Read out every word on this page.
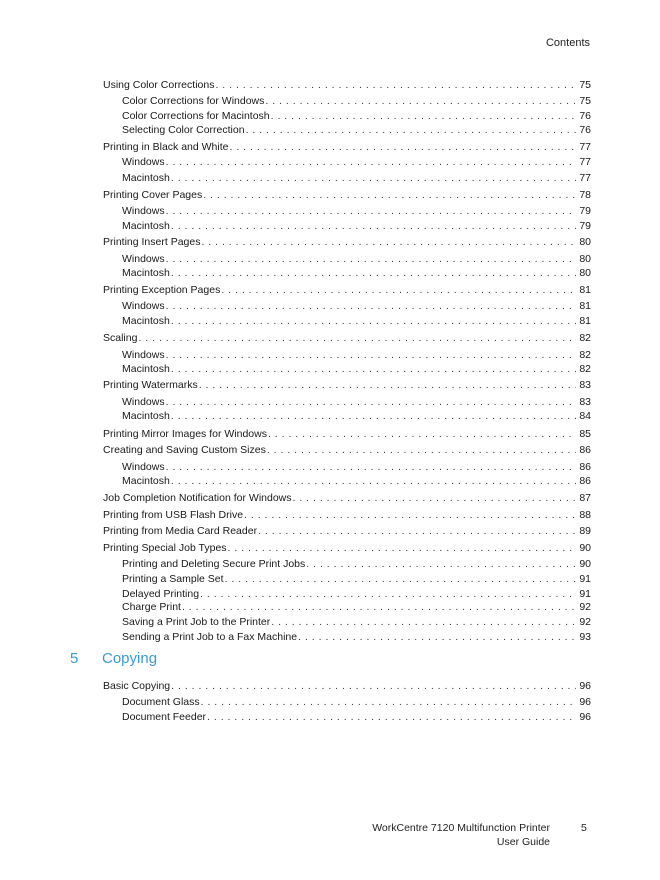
Contents
Using Color Corrections . . .	75
Color Corrections for Windows . . .	75
Color Corrections for Macintosh . . .	76
Selecting Color Correction . . .	76
Printing in Black and White . . .	77
Windows . . .	77
Macintosh . . .	77
Printing Cover Pages . . .	78
Windows . . .	79
Macintosh . . .	79
Printing Insert Pages . . .	80
Windows . . .	80
Macintosh . . .	80
Printing Exception Pages . . .	81
Windows . . .	81
Macintosh . . .	81
Scaling . . .	82
Windows . . .	82
Macintosh . . .	82
Printing Watermarks . . .	83
Windows . . .	83
Macintosh . . .	84
Printing Mirror Images for Windows . . .	85
Creating and Saving Custom Sizes . . .	86
Windows . . .	86
Macintosh . . .	86
Job Completion Notification for Windows . . .	87
Printing from USB Flash Drive . . .	88
Printing from Media Card Reader . . .	89
Printing Special Job Types . . .	90
Printing and Deleting Secure Print Jobs . . .	90
Printing a Sample Set . . .	91
Delayed Printing . . .	91
Charge Print . . .	92
Saving a Print Job to the Printer . . .	92
Sending a Print Job to a Fax Machine . . .	93
5 Copying
Basic Copying . . .	96
Document Glass . . .	96
Document Feeder . . .	96
WorkCentre 7120 Multifunction Printer
User Guide
5
